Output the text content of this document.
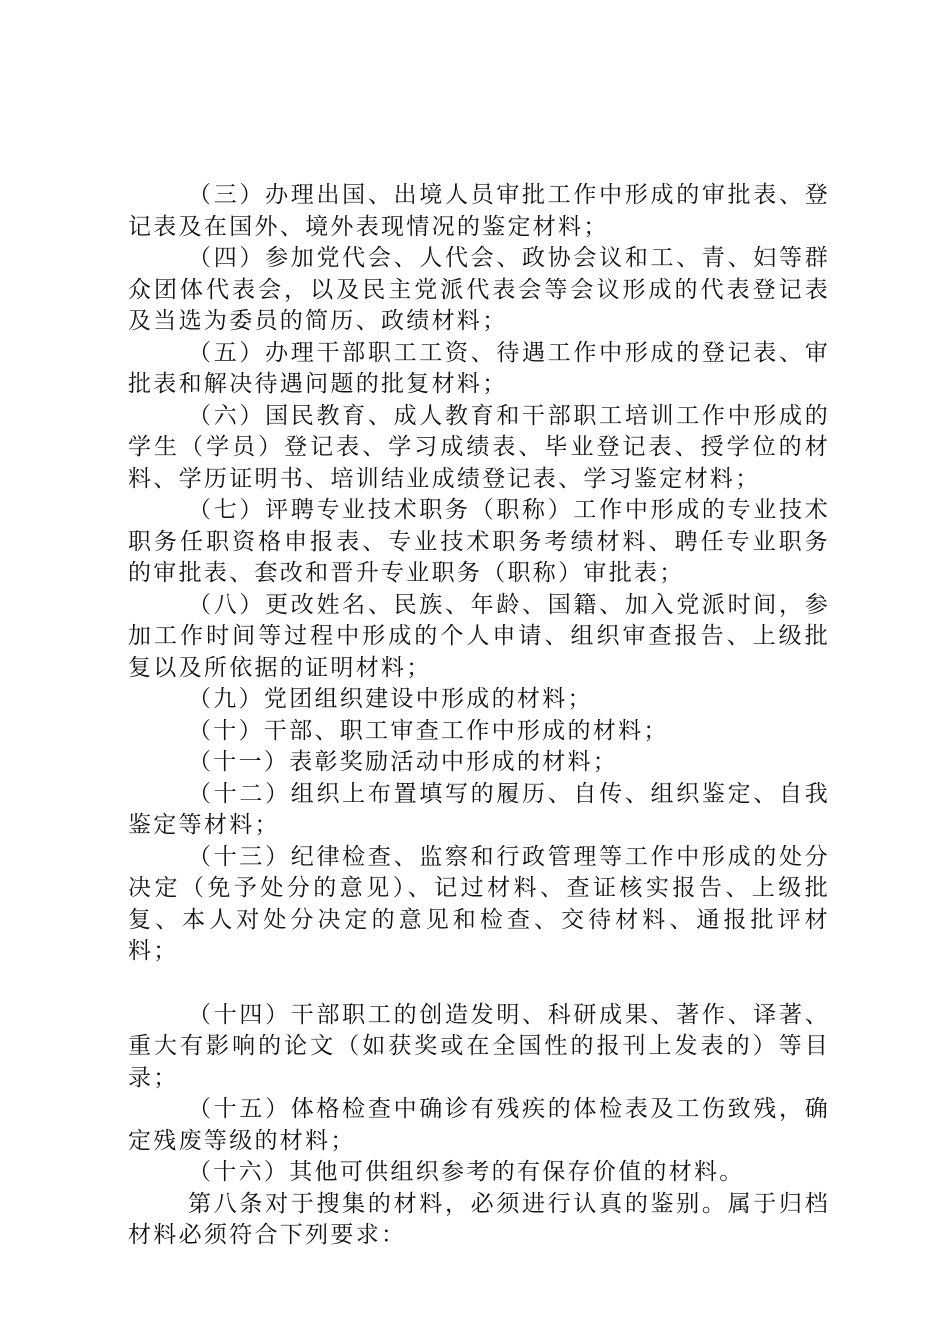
（三）办理出国、出境人员审批工作中形成的审批表、登记表及在国外、境外表现情况的鉴定材料；

（四）参加党代会、人代会、政协会议和工、青、妇等群众团体代表会，以及民主党派代表会等会议形成的代表登记表及当选为委员的简历、政绩材料；

（五）办理干部职工工资、待遇工作中形成的登记表、审批表和解决待遇问题的批复材料；

（六）国民教育、成人教育和干部职工培训工作中形成的学生（学员）登记表、学习成绩表、毕业登记表、授学位的材料、学历证明书、培训结业成绩登记表、学习鉴定材料；

（七）评聘专业技术职务（职称）工作中形成的专业技术职务任职资格申报表、专业技术职务考绩材料、聘任专业职务的审批表、套改和晋升专业职务（职称）审批表；

（八）更改姓名、民族、年龄、国籍、加入党派时间，参加工作时间等过程中形成的个人申请、组织审查报告、上级批复以及所依据的证明材料；

（九）党团组织建设中形成的材料；

（十）干部、职工审查工作中形成的材料；

（十一）表彰奖励活动中形成的材料；

（十二）组织上布置填写的履历、自传、组织鉴定、自我鉴定等材料；

（十三）纪律检查、监察和行政管理等工作中形成的处分决定（免予处分的意见）、记过材料、查证核实报告、上级批复、本人对处分决定的意见和检查、交待材料、通报批评材料；

（十四）干部职工的创造发明、科研成果、著作、译著、重大有影响的论文（如获奖或在全国性的报刊上发表的）等目录；

（十五）体格检查中确诊有残疾的体检表及工伤致残，确定残废等级的材料；

（十六）其他可供组织参考的有保存价值的材料。

第八条对于搜集的材料，必须进行认真的鉴别。属于归档材料必须符合下列要求：
